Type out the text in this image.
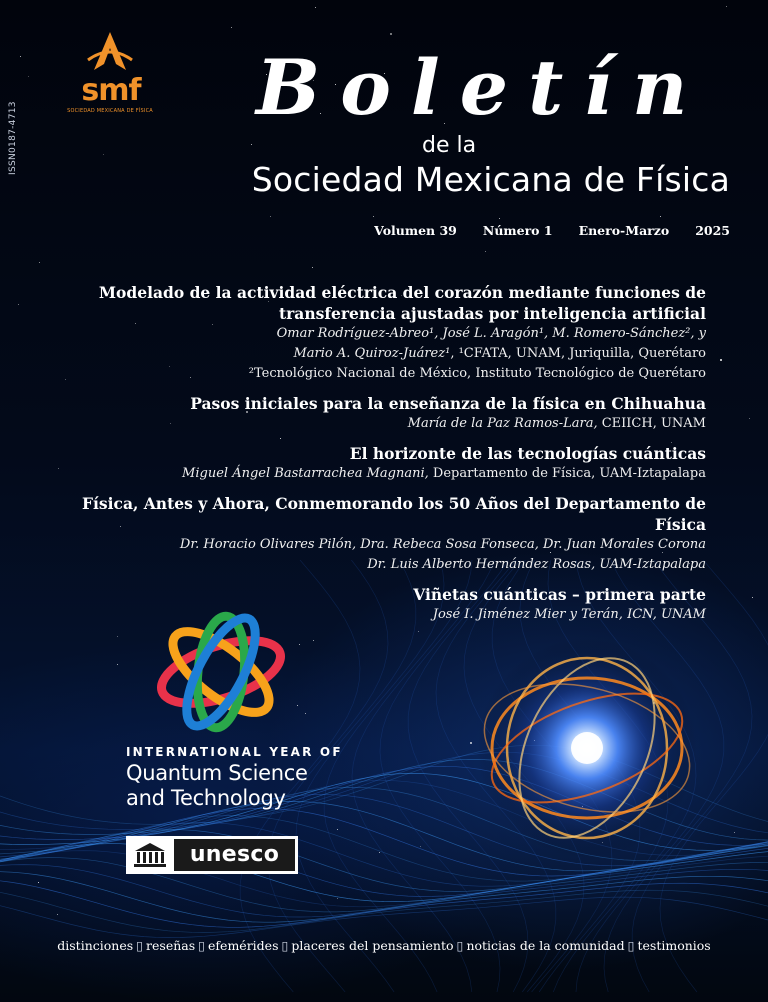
smf
SOCIEDAD MEXICANA DE FÍSICA
ISSN0187-4713
Boletín
de la
Sociedad Mexicana de Física
Volumen 39 Número 1 Enero-Marzo 2025
Modelado de la actividad eléctrica del corazón mediante funciones de
transferencia ajustadas por inteligencia artificial
Omar Rodríguez-Abreo¹, José L. Aragón¹, M. Romero-Sánchez², y
Mario A. Quiroz-Juárez¹, ¹CFATA, UNAM, Juriquilla, Querétaro
²Tecnológico Nacional de México, Instituto Tecnológico de Querétaro
Pasos iniciales para la enseñanza de la física en Chihuahua
María de la Paz Ramos-Lara, CEIICH, UNAM
El horizonte de las tecnologías cuánticas
Miguel Ángel Bastarrachea Magnani, Departamento de Física, UAM-Iztapalapa
Física, Antes y Ahora, Conmemorando los 50 Años del Departamento de Física
Dr. Horacio Olivares Pilón, Dra. Rebeca Sosa Fonseca, Dr. Juan Morales Corona
Dr. Luis Alberto Hernández Rosas, UAM-Iztapalapa
Viñetas cuánticas – primera parte
José I. Jiménez Mier y Terán, ICN, UNAM
INTERNATIONAL YEAR OF
Quantum Science
and Technology
unesco
distinciones ▯ reseñas ▯ efemérides ▯ placeres del pensamiento ▯ noticias de la comunidad ▯ testimonios
